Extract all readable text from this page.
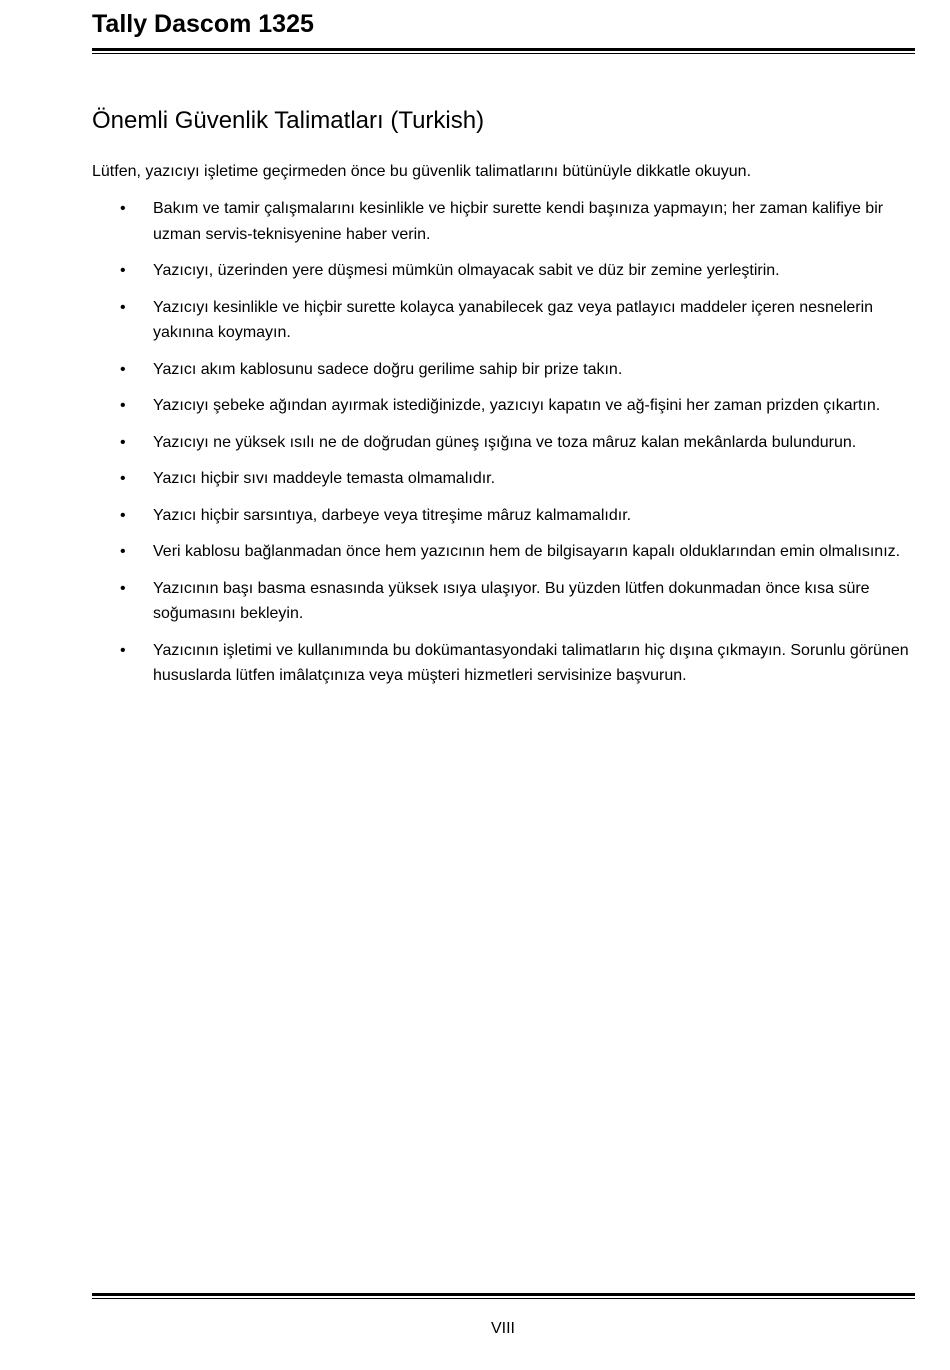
Tally Dascom 1325
Önemli Güvenlik Talimatları (Turkish)

Lütfen, yazıcıyı işletime geçirmeden önce bu güvenlik talimatlarını bütünüyle dikkatle okuyun.

• Bakım ve tamir çalışmalarını kesinlikle ve hiçbir surette kendi başınıza yapmayın; her zaman kalifiye bir uzman servis-teknisyenine haber verin.
• Yazıcıyı, üzerinden yere düşmesi mümkün olmayacak sabit ve düz bir zemine yerleştirin.
• Yazıcıyı kesinlikle ve hiçbir surette kolayca yanabilecek gaz veya patlayıcı maddeler içeren nesnelerin yakınına koymayın.
• Yazıcı akım kablosunu sadece doğru gerilime sahip bir prize takın.
• Yazıcıyı şebeke ağından ayırmak istediğinizde, yazıcıyı kapatın ve ağ-fişini her zaman prizden çıkartın.
• Yazıcıyı ne yüksek ısılı ne de doğrudan güneş ışığına ve toza mâruz kalan mekânlarda bulundurun.
• Yazıcı hiçbir sıvı maddeyle temasta olmamalıdır.
• Yazıcı hiçbir sarsıntıya, darbeye veya titreşime mâruz kalmamalıdır.
• Veri kablosu bağlanmadan önce hem yazıcının hem de bilgisayarın kapalı olduklarından emin olmalısınız.
• Yazıcının başı basma esnasında yüksek ısıya ulaşıyor. Bu yüzden lütfen dokunmadan önce kısa süre soğumasını bekleyin.
• Yazıcının işletimi ve kullanımında bu dokümantasyondaki talimatların hiç dışına çıkmayın. Sorunlu görünen hususlarda lütfen imâlatçınıza veya müşteri hizmetleri servisinize başvurun.
VIII
